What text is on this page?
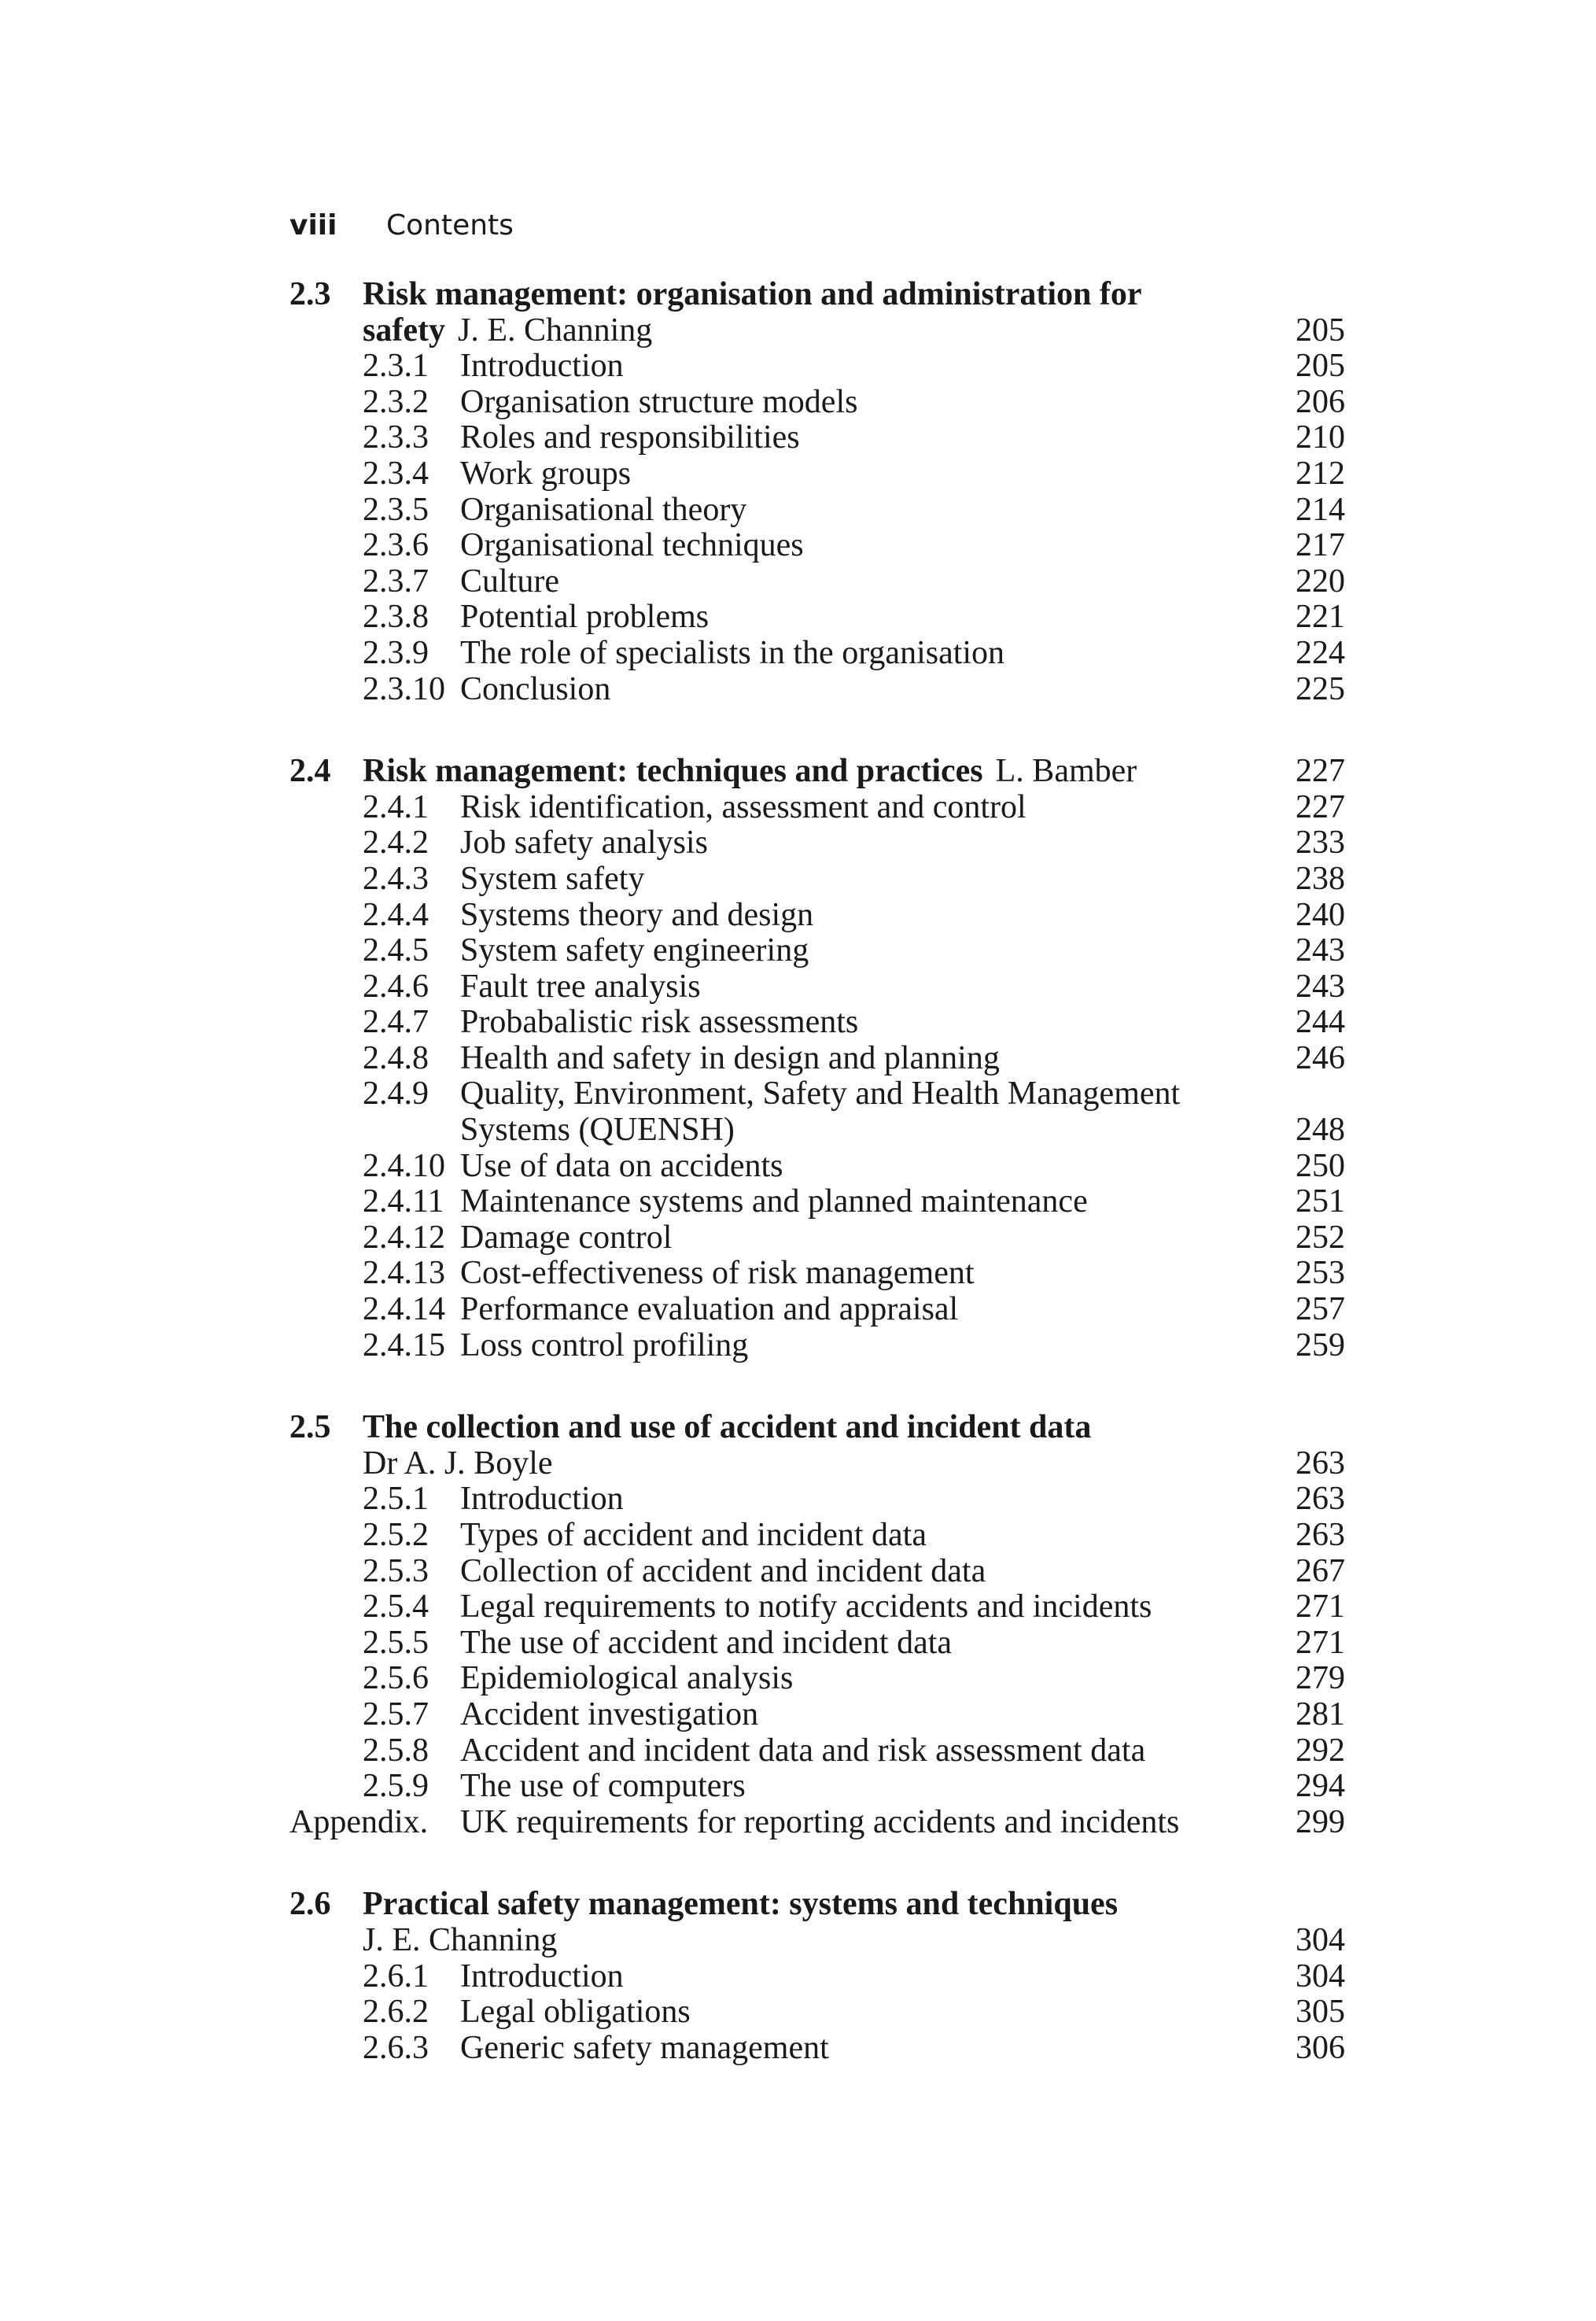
viii Contents
2.3 Risk management: organisation and administration for
safety J. E. Channing	205
2.3.1 Introduction	205
2.3.2 Organisation structure models	206
2.3.3 Roles and responsibilities	210
2.3.4 Work groups	212
2.3.5 Organisational theory	214
2.3.6 Organisational techniques	217
2.3.7 Culture	220
2.3.8 Potential problems	221
2.3.9 The role of specialists in the organisation	224
2.3.10 Conclusion	225
2.4 Risk management: techniques and practices L. Bamber	227
2.4.1 Risk identification, assessment and control	227
2.4.2 Job safety analysis	233
2.4.3 System safety	238
2.4.4 Systems theory and design	240
2.4.5 System safety engineering	243
2.4.6 Fault tree analysis	243
2.4.7 Probabalistic risk assessments	244
2.4.8 Health and safety in design and planning	246
2.4.9 Quality, Environment, Safety and Health Management
Systems (QUENSH)	248
2.4.10 Use of data on accidents	250
2.4.11 Maintenance systems and planned maintenance	251
2.4.12 Damage control	252
2.4.13 Cost-effectiveness of risk management	253
2.4.14 Performance evaluation and appraisal	257
2.4.15 Loss control profiling	259
2.5 The collection and use of accident and incident data
Dr A. J. Boyle	263
2.5.1 Introduction	263
2.5.2 Types of accident and incident data	263
2.5.3 Collection of accident and incident data	267
2.5.4 Legal requirements to notify accidents and incidents	271
2.5.5 The use of accident and incident data	271
2.5.6 Epidemiological analysis	279
2.5.7 Accident investigation	281
2.5.8 Accident and incident data and risk assessment data	292
2.5.9 The use of computers	294
Appendix. UK requirements for reporting accidents and incidents	299
2.6 Practical safety management: systems and techniques
J. E. Channing	304
2.6.1 Introduction	304
2.6.2 Legal obligations	305
2.6.3 Generic safety management	306
